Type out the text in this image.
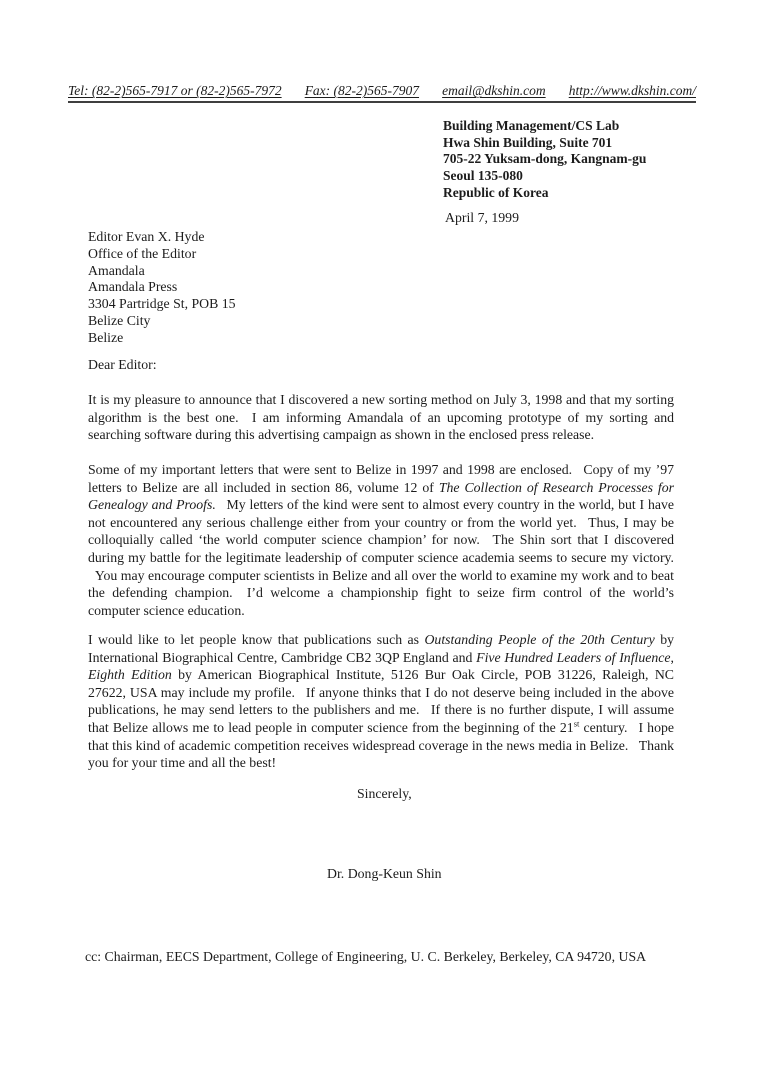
Tel: (82-2)565-7917 or (82-2)565-7972 Fax: (82-2)565-7907 email@dkshin.com http://www.dkshin.com/
Building Management/CS Lab
Hwa Shin Building, Suite 701
705-22 Yuksam-dong, Kangnam-gu
Seoul 135-080
Republic of Korea
April 7, 1999
Editor Evan X. Hyde
Office of the Editor
Amandala
Amandala Press
3304 Partridge St, POB 15
Belize City
Belize
Dear Editor:

It is my pleasure to announce that I discovered a new sorting method on July 3, 1998 and that my sorting algorithm is the best one.  I am informing Amandala of an upcoming prototype of my sorting and searching software during this advertising campaign as shown in the enclosed press release.

Some of my important letters that were sent to Belize in 1997 and 1998 are enclosed.  Copy of my ’97 letters to Belize are all included in section 86, volume 12 of The Collection of Research Processes for Genealogy and Proofs.  My letters of the kind were sent to almost every country in the world, but I have not encountered any serious challenge either from your country or from the world yet.  Thus, I may be colloquially called ‘the world computer science champion’ for now.  The Shin sort that I discovered during my battle for the legitimate leadership of computer science academia seems to secure my victory.  You may encourage computer scientists in Belize and all over the world to examine my work and to beat the defending champion.  I’d welcome a championship fight to seize firm control of the world’s computer science education.

I would like to let people know that publications such as Outstanding People of the 20th Century by International Biographical Centre, Cambridge CB2 3QP England and Five Hundred Leaders of Influence, Eighth Edition by American Biographical Institute, 5126 Bur Oak Circle, POB 31226, Raleigh, NC 27622, USA may include my profile.  If anyone thinks that I do not deserve being included in the above publications, he may send letters to the publishers and me.  If there is no further dispute, I will assume that Belize allows me to lead people in computer science from the beginning of the 21st century.  I hope that this kind of academic competition receives widespread coverage in the news media in Belize.  Thank you for your time and all the best!

Sincerely,
Dr. Dong-Keun Shin
cc: Chairman, EECS Department, College of Engineering, U. C. Berkeley, Berkeley, CA 94720, USA
